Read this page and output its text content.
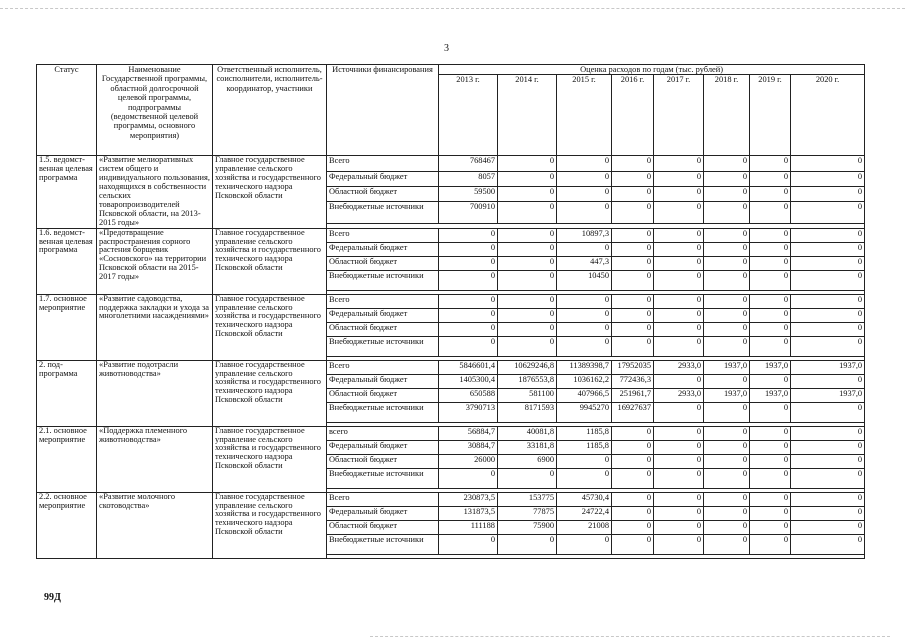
3
Статус	Наименование Государственной программы, областной долгосрочной целевой программы, подпрограммы (ведомственной целевой программы, основного мероприятия)	Ответственный исполнитель, соисполнители, исполнитель-координатор, участники	Источники финансирования	Оценка расходов по годам (тыс. рублей)							
				2013 г.	2014 г.	2015 г.	2016 г.	2017 г.	2018 г.	2019 г.	2020 г.
1.5. ведомст-венная целевая программа	«Развитие мелиоративных систем общего и индивидуального пользования, находящихся в собственности сельских товаропроизводителей Псковской области, на 2013-2015 годы»	Главное государственное управление сельского хозяйства и государственного технического надзора Псковской области	Всего	768467	0	0	0	0	0	0	0
			Федеральный бюджет	8057	0	0	0	0	0	0	0
			Областной бюджет	59500	0	0	0	0	0	0	0
			Внебюджетные источники	700910	0	0	0	0	0	0	0

1.6. ведомст-венная целевая программа	«Предотвращение распространения сорного растения борщевик «Сосновского» на территории Псковской области на 2015-2017 годы»	Главное государственное управление сельского хозяйства и государственного технического надзора Псковской области	Всего	0	0	10897,3	0	0	0	0	0
			Федеральный бюджет	0	0	0	0	0	0	0	0
			Областной бюджет	0	0	447,3	0	0	0	0	0
			Внебюджетные источники	0	0	10450	0	0	0	0	0

1.7. основное мероприятие	«Развитие садоводства, поддержка закладки и ухода за многолетними насаждениями»	Главное государственное управление сельского хозяйства и государственного технического надзора Псковской области	Всего	0	0	0	0	0	0	0	0
			Федеральный бюджет	0	0	0	0	0	0	0	0
			Областной бюджет	0	0	0	0	0	0	0	0
			Внебюджетные источники	0	0	0	0	0	0	0	0

2. под-программа	«Развитие подотрасли животноводства»	Главное государственное управление сельского хозяйства и государственного технического надзора Псковской области	Всего	5846601,4	10629246,8	11389398,7	17952035	2933,0	1937,0	1937,0	1937,0
			Федеральный бюджет	1405300,4	1876553,8	1036162,2	772436,3	0	0	0	0
			Областной бюджет	650588	581100	407966,5	251961,7	2933,0	1937,0	1937,0	1937,0
			Внебюджетные источники	3790713	8171593	9945270	16927637	0	0	0	0

2.1. основное мероприятие	«Поддержка племенного животноводства»	Главное государственное управление сельского хозяйства и государственного технического надзора Псковской области	всего	56884,7	40081,8	1185,8	0	0	0	0	0
			Федеральный бюджет	30884,7	33181,8	1185,8	0	0	0	0	0
			Областной бюджет	26000	6900	0	0	0	0	0	0
			Внебюджетные источники	0	0	0	0	0	0	0	0

2.2. основное мероприятие	«Развитие молочного скотоводства»	Главное государственное управление сельского хозяйства и государственного технического надзора Псковской области	Всего	230873,5	153775	45730,4	0	0	0	0	0
			Федеральный бюджет	131873,5	77875	24722,4	0	0	0	0	0
			Областной бюджет	111188	75900	21008	0	0	0	0	0
			Внебюджетные источники	0	0	0	0	0	0	0	0

99Д
